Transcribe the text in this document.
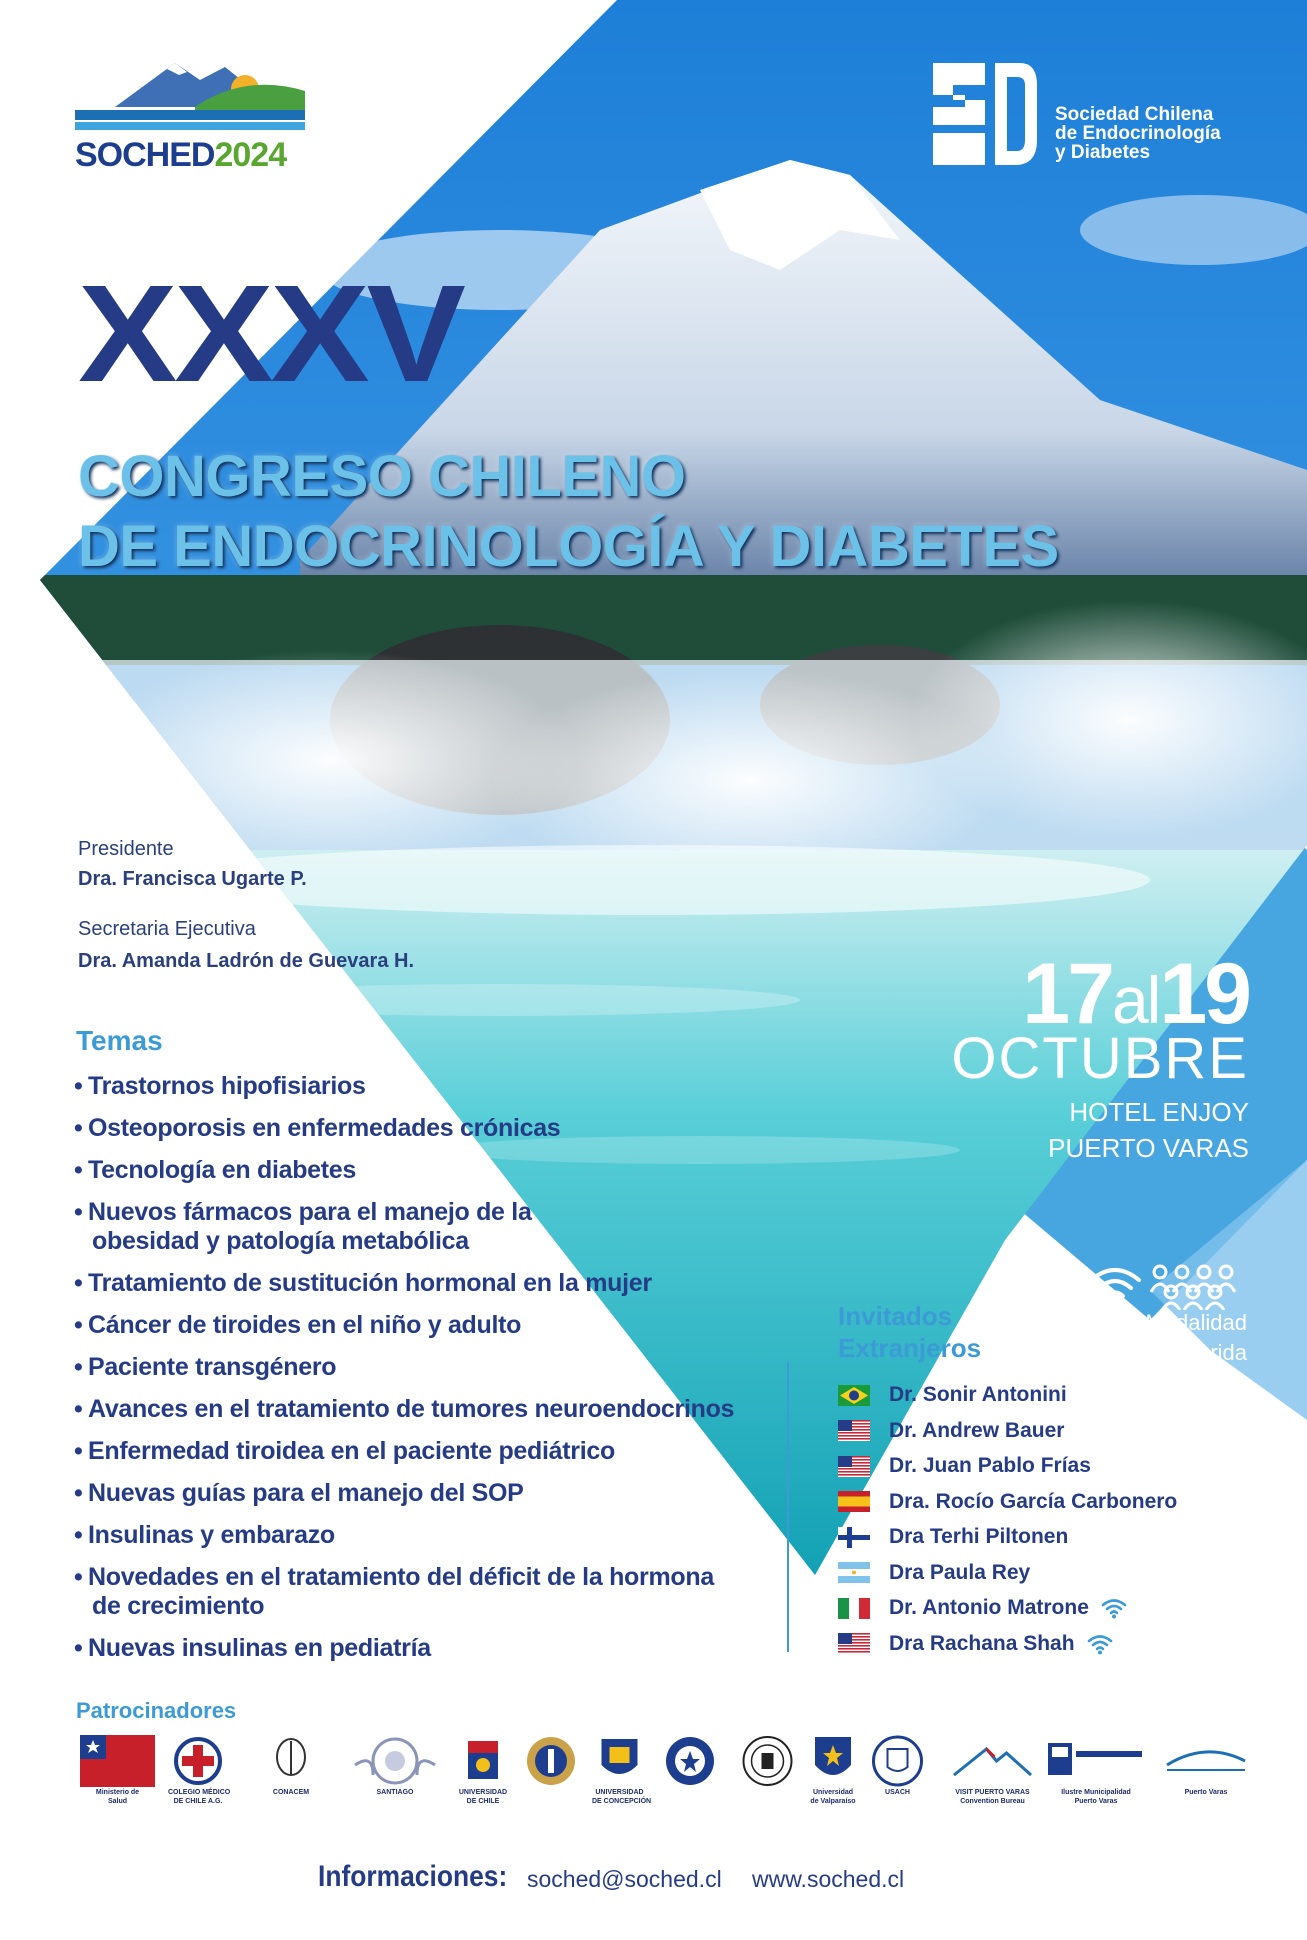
SOCHED2024
Sociedad Chilena
de Endocrinología
y Diabetes
XXXV
CONGRESO CHILENO
DE ENDOCRINOLOGÍA Y DIABETES
Presidente
Dra. Francisca Ugarte P.
Secretaria Ejecutiva
Dra. Amanda Ladrón de Guevara H.
Temas
• Trastornos hipofisiarios
• Osteoporosis en enfermedades crónicas
• Tecnología en diabetes
• Nuevos fármacos para el manejo de la
obesidad y patología metabólica
• Tratamiento de sustitución hormonal en la mujer
• Cáncer de tiroides en el niño y adulto
• Paciente transgénero
• Avances en el tratamiento de tumores neuroendocrinos
• Enfermedad tiroidea en el paciente pediátrico
• Nuevas guías para el manejo del SOP
• Insulinas y embarazo
• Novedades en el tratamiento del déficit de la hormona
de crecimiento
• Nuevas insulinas en pediatría
17al19
OCTUBRE
HOTEL ENJOY
PUERTO VARAS
Modalidad
Híbrida
Invitados
Extranjeros
Dr. Sonir Antonini
Dr. Andrew Bauer
Dr. Juan Pablo Frías
Dra. Rocío García Carbonero
Dra Terhi Piltonen
Dra Paula Rey
Dr. Antonio Matrone
Dra Rachana Shah
Patrocinadores
Ministerio de
Salud
COLEGIO MÉDICO
DE CHILE A.G.
CONACEM	SANTIAGO	UNIVERSIDAD
DE CHILE
UNIVERSIDAD
DE CONCEPCIÓN
Universidad
de Valparaíso
USACH	VISIT PUERTO VARAS
Convention Bureau
Ilustre Municipalidad
Puerto Varas
Puerto Varas
Informaciones: soched@soched.cl www.soched.cl
